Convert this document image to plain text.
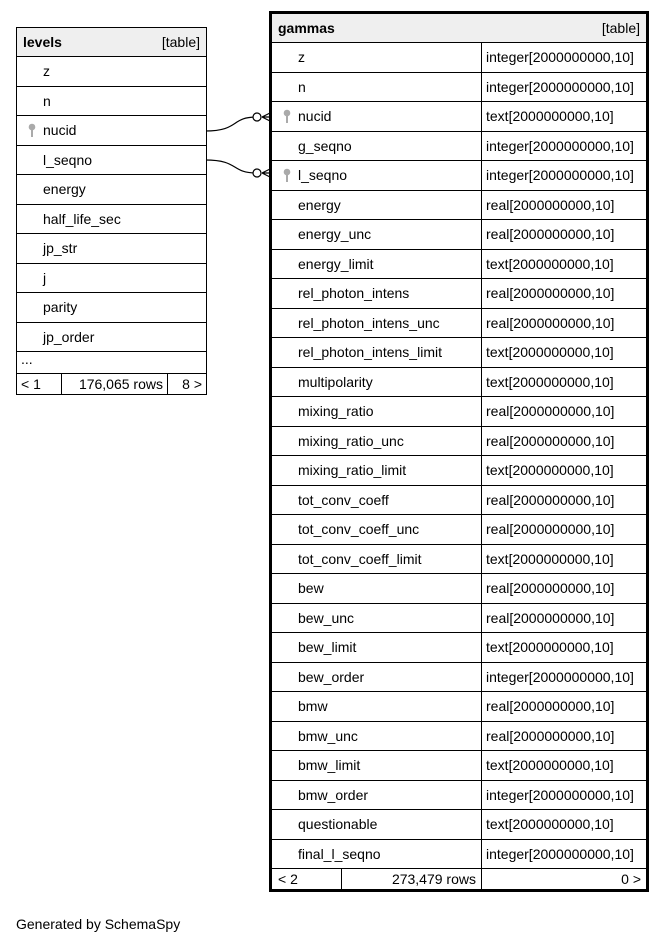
levels	[table]
z
n
nucid
l_seqno
energy
half_life_sec
jp_str
j
parity
jp_order
...
< 1	176,065 rows	8 >
gammas	[table]
z	integer[2000000000,10]
n	integer[2000000000,10]
nucid	text[2000000000,10]
g_seqno	integer[2000000000,10]
l_seqno	integer[2000000000,10]
energy	real[2000000000,10]
energy_unc	real[2000000000,10]
energy_limit	text[2000000000,10]
rel_photon_intens	real[2000000000,10]
rel_photon_intens_unc	real[2000000000,10]
rel_photon_intens_limit	text[2000000000,10]
multipolarity	text[2000000000,10]
mixing_ratio	real[2000000000,10]
mixing_ratio_unc	real[2000000000,10]
mixing_ratio_limit	text[2000000000,10]
tot_conv_coeff	real[2000000000,10]
tot_conv_coeff_unc	real[2000000000,10]
tot_conv_coeff_limit	text[2000000000,10]
bew	real[2000000000,10]
bew_unc	real[2000000000,10]
bew_limit	text[2000000000,10]
bew_order	integer[2000000000,10]
bmw	real[2000000000,10]
bmw_unc	real[2000000000,10]
bmw_limit	text[2000000000,10]
bmw_order	integer[2000000000,10]
questionable	text[2000000000,10]
final_l_seqno	integer[2000000000,10]
< 2	273,479 rows	0 >
Generated by SchemaSpy
